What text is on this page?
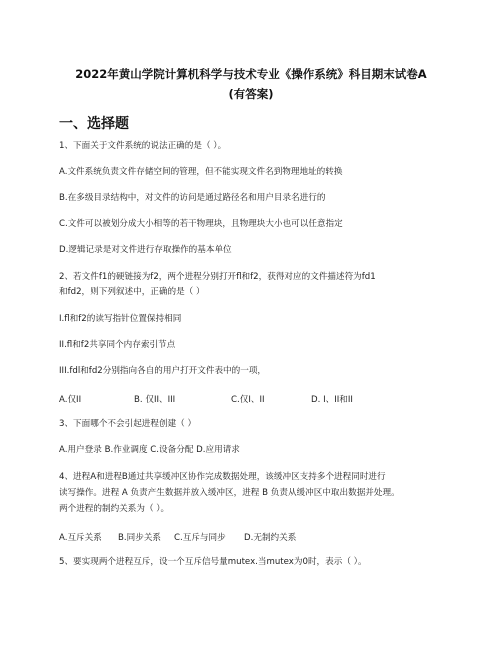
2022年黄山学院计算机科学与技术专业《操作系统》科目期末试卷A
(有答案)
一、选择题
1、下面关于文件系统的说法正确的是（ ）。
A.文件系统负责文件存储空间的管理，但不能实现文件名到物理地址的转换
B.在多级目录结构中，对文件的访问是通过路径名和用户目录名进行的
C.文件可以被划分成大小相等的若干物理块，且物理块大小也可以任意指定
D.逻辑记录是对文件进行存取操作的基本单位
2、若文件f1的硬链接为f2，两个进程分别打开fl和f2，获得对应的文件描述符为fd1
和fd2，则下列叙述中，正确的是（ ）
I.fl和f2的读写指针位置保持相同
II.fl和f2共享同个内存索引节点
III.fdl和fd2分别指向各自的用户打开文件表中的一项，
A.仅II	B. 仅II、III	C.仅I、II	D. I、II和II
3、下面哪个不会引起进程创建（ ）
A.用户登录 B.作业调度 C.设备分配 D.应用请求
4、进程A和进程B通过共享缓冲区协作完成数据处理，该缓冲区支持多个进程同时进行
读写操作。进程 A 负责产生数据并放入缓冲区，进程 B 负责从缓冲区中取出数据并处理。
两个进程的制约关系为（ ）。
A.互斥关系 B.同步关系 C.互斥与同步 D.无制约关系
5、要实现两个进程互斥，设一个互斥信号量mutex.当mutex为0时，表示（ ）。
